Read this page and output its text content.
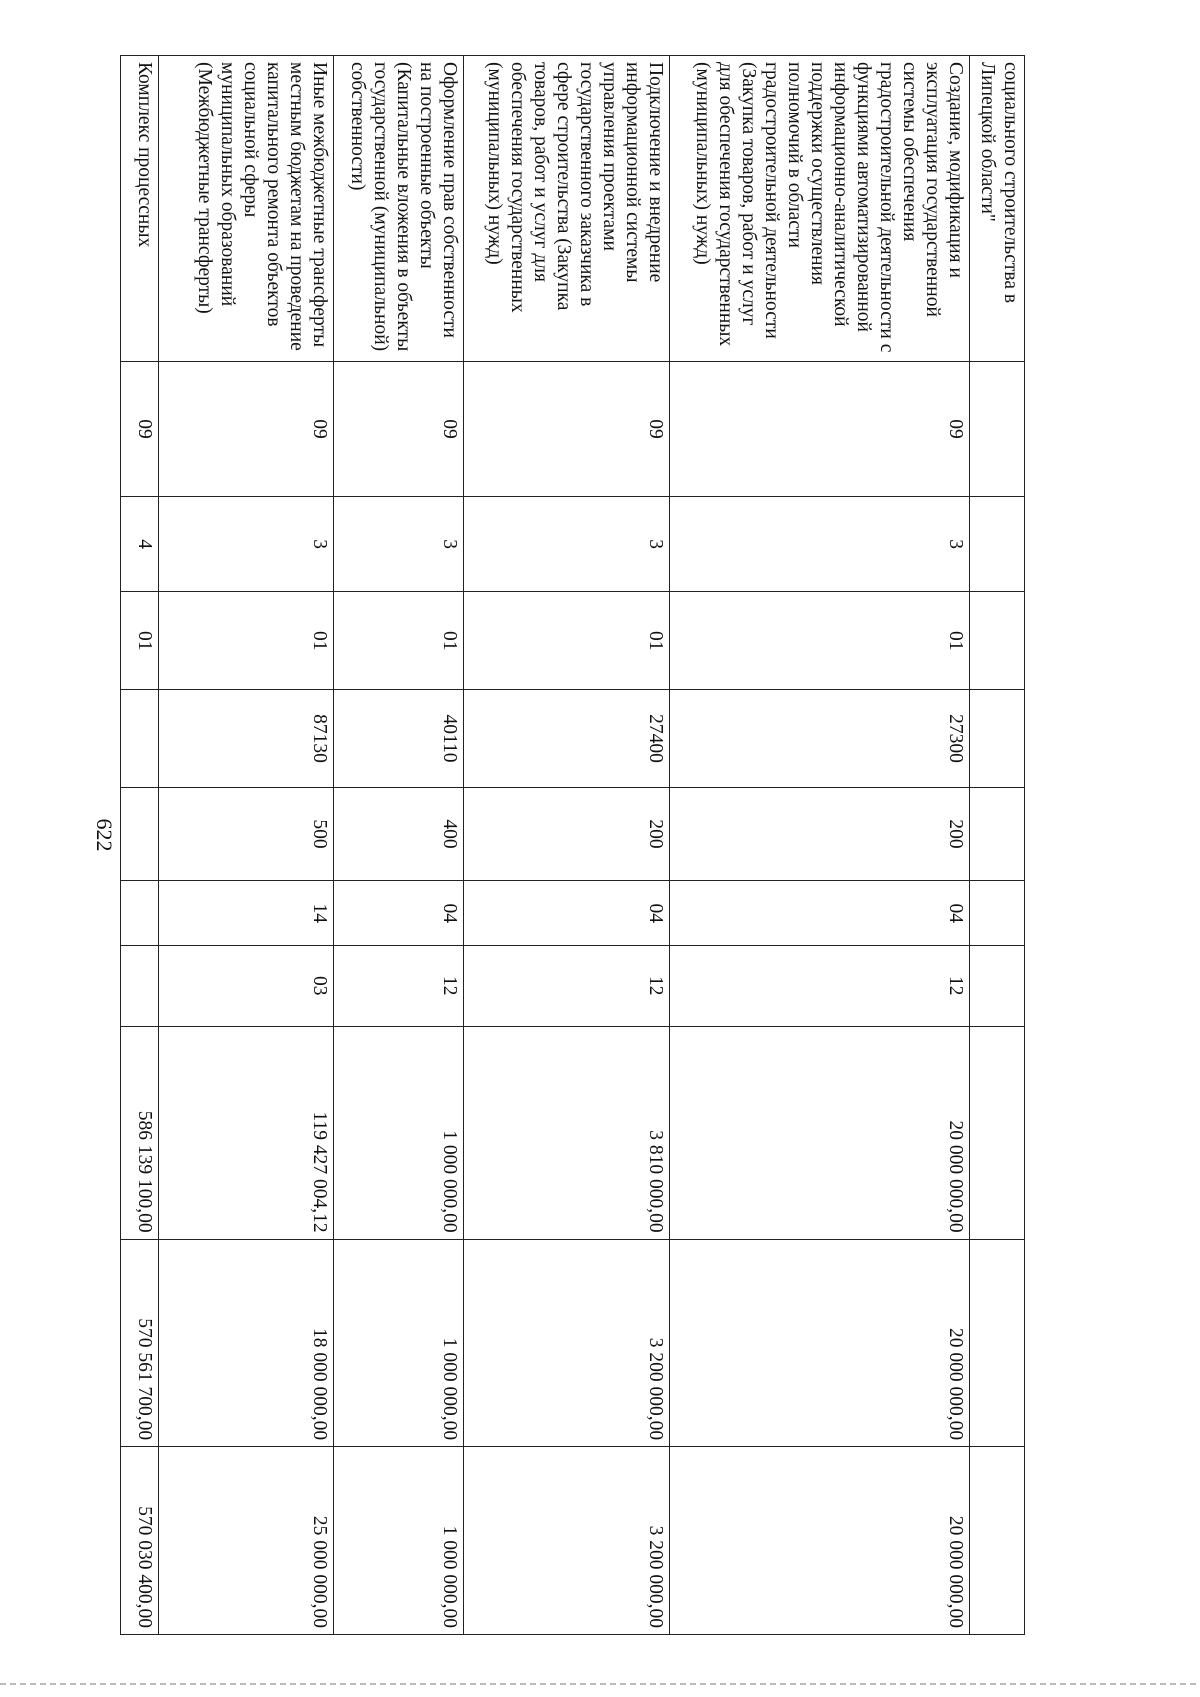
622
социального строительства в Липецкой области"										
Создание, модификация и эксплуатация государственной системы обеспечения градостроительной деятельности с функциями автоматизированной информационно-аналитической поддержки осуществления полномочий в области градостроительной деятельности (Закупка товаров, работ и услуг для обеспечения государственных (муниципальных) нужд)	09	3	01	27300	200	04	12	20 000 000,00	20 000 000,00	20 000 000,00
Подключение и внедрение информационной системы управления проектами государственного заказчика в сфере строительства (Закупка товаров, работ и услуг для обеспечения государственных (муниципальных) нужд)	09	3	01	27400	200	04	12	3 810 000,00	3 200 000,00	3 200 000,00
Оформление прав собственности на построенные объекты (Капитальные вложения в объекты государственной (муниципальной) собственности)	09	3	01	40110	400	04	12	1 000 000,00	1 000 000,00	1 000 000,00
Иные межбюджетные трансферты местным бюджетам на проведение капитального ремонта объектов социальной сферы муниципальных образований (Межбюджетные трансферты)	09	3	01	87130	500	14	03	119 427 004,12	18 000 000,00	25 000 000,00
Комплекс процессных	09	4	01					586 139 100,00	570 561 700,00	570 030 400,00
